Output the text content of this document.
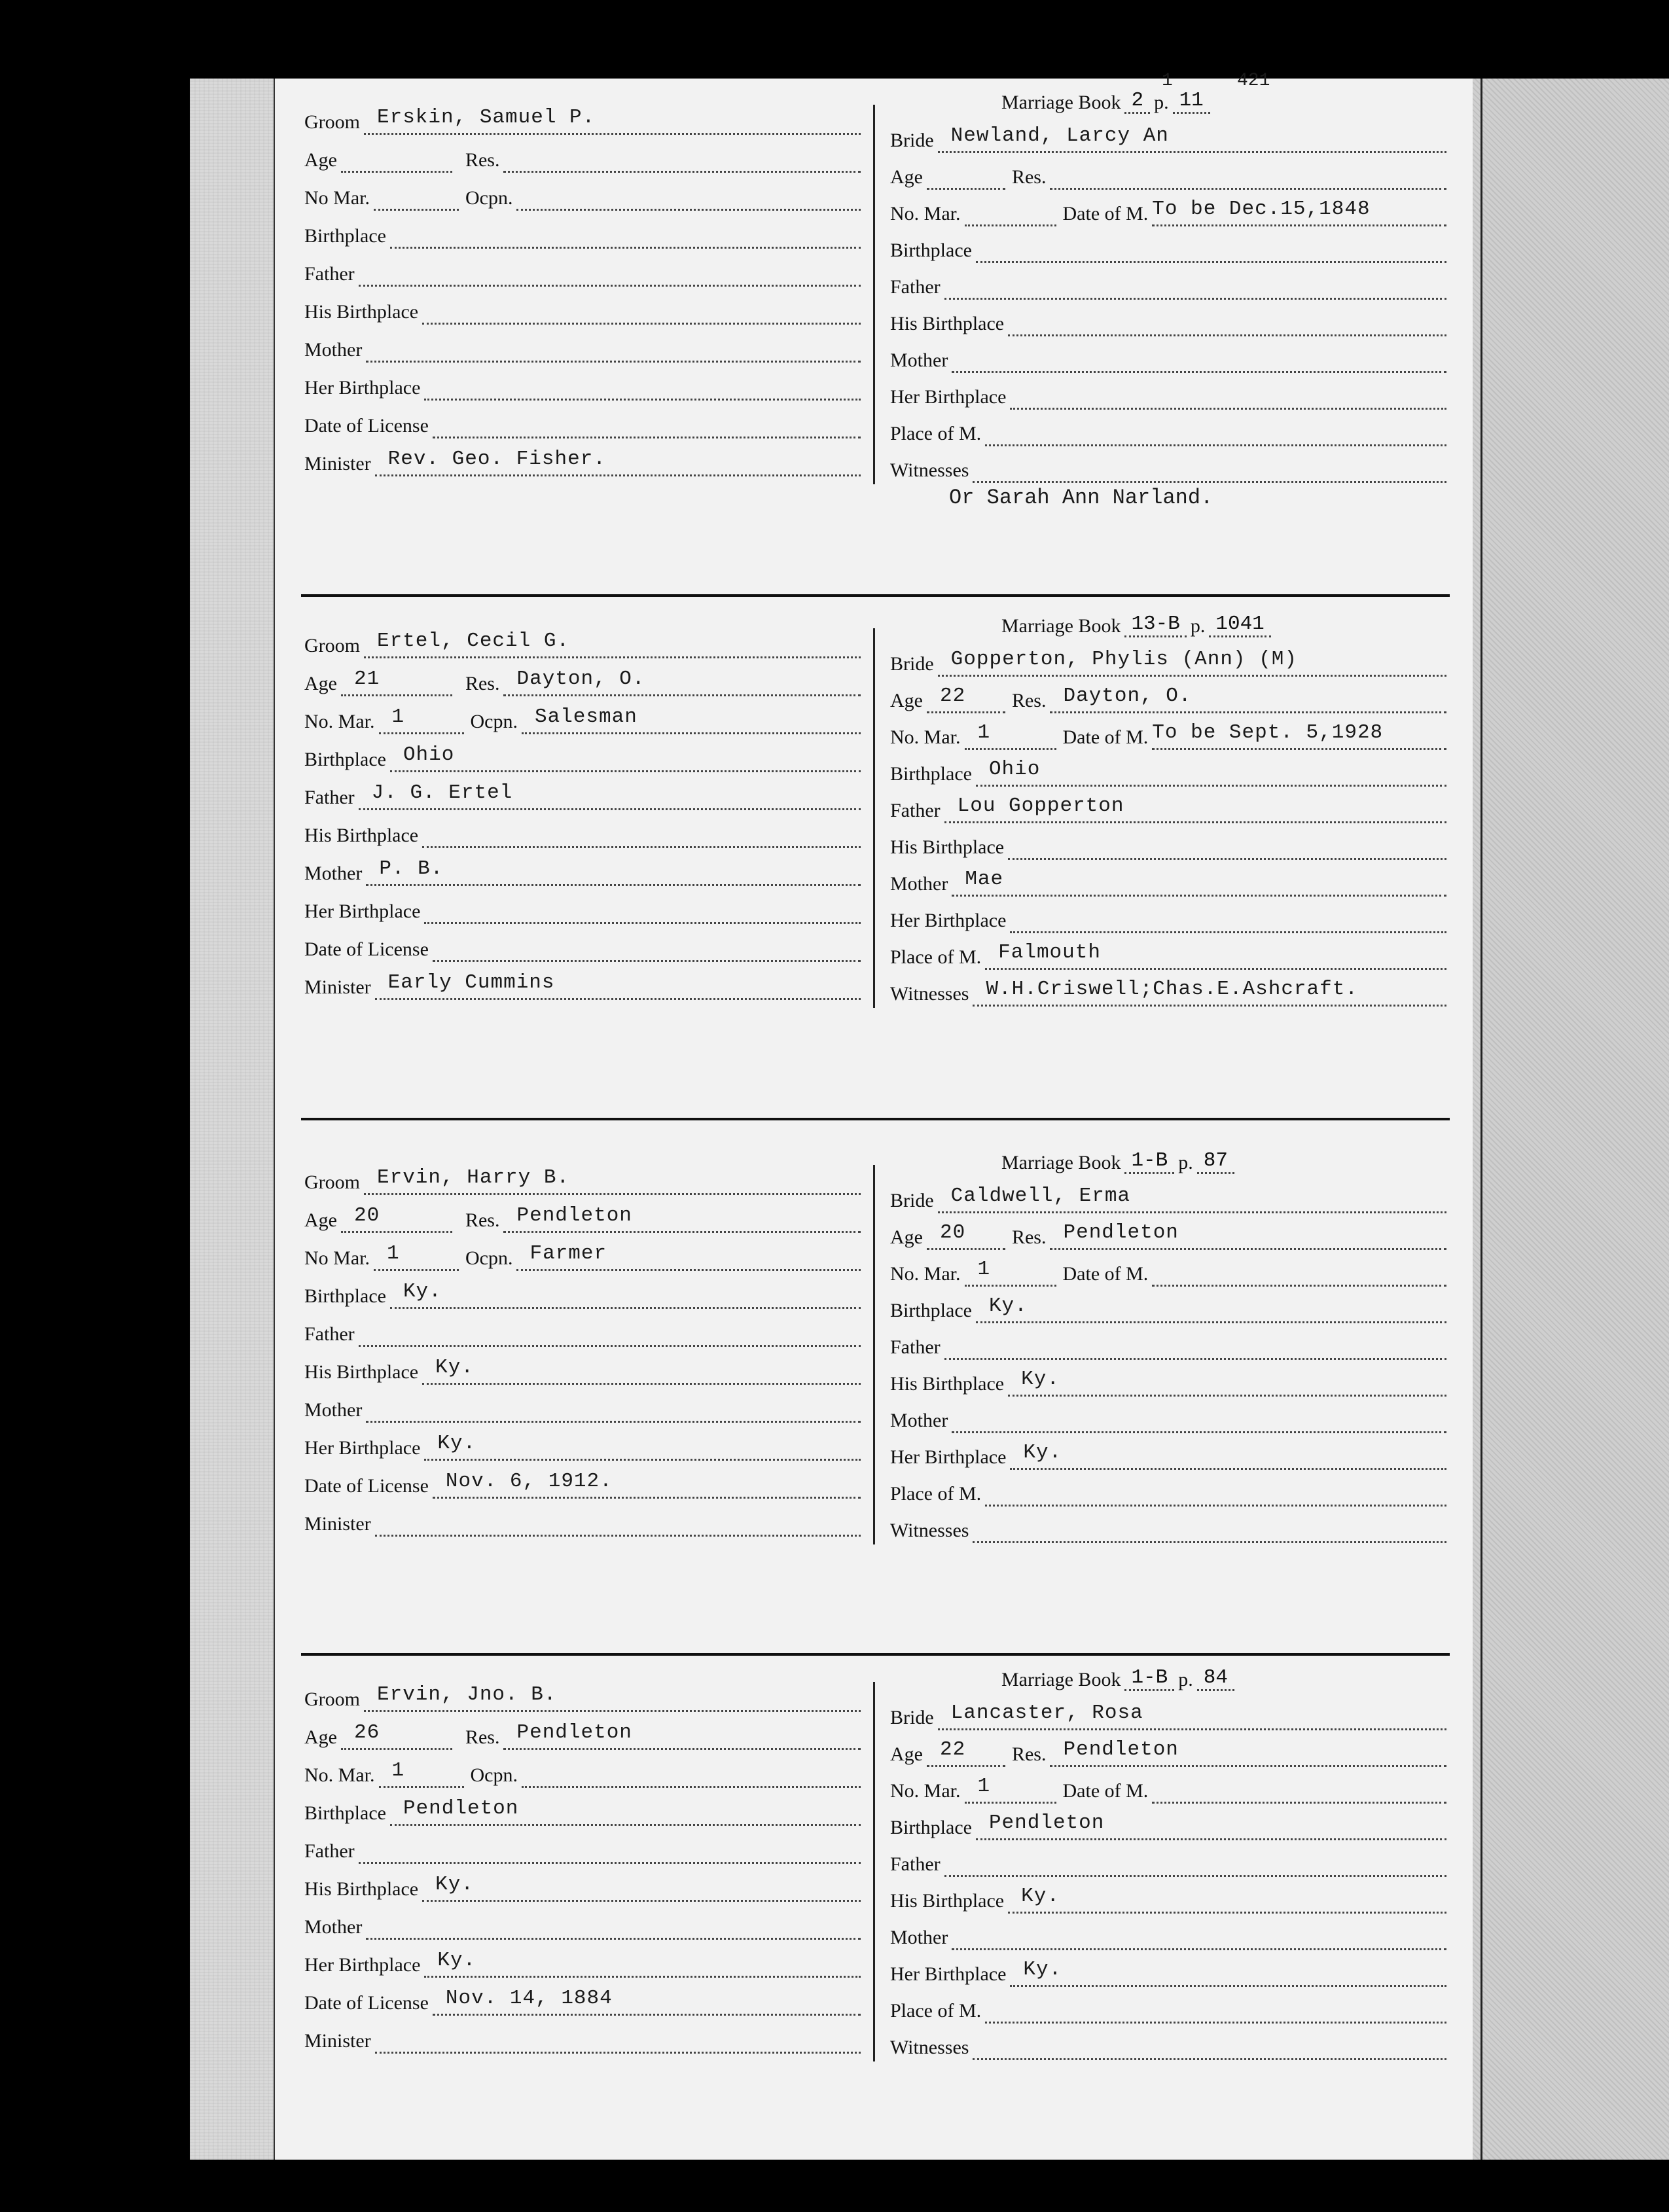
Groom Erskin, Samuel P.
Age	Res.
No Mar.	Ocpn.
Birthplace
Father
His Birthplace
Mother
Her Birthplace
Date of License
Minister Rev. Geo. Fisher.
Marriage Book 2 p. 11
1	421
Bride Newland, Larcy An
Age	Res.
No. Mar.	Date of M. To be Dec.15,1848
Birthplace
Father
His Birthplace
Mother
Her Birthplace
Place of M.
Witnesses
Or Sarah Ann Narland.
Groom Ertel, Cecil G.
Age 21	Res. Dayton, O.
No. Mar. 1	Ocpn. Salesman
Birthplace Ohio
Father J. G. Ertel
His Birthplace
Mother P. B.
Her Birthplace
Date of License
Minister Early Cummins
Marriage Book 13-B p. 1041
Bride Gopperton, Phylis (Ann) (M)
Age 22 Res. Dayton, O.
No. Mar. 1	Date of M. To be Sept. 5,1928
Birthplace Ohio
Father Lou Gopperton
His Birthplace
Mother Mae
Her Birthplace
Place of M. Falmouth
Witnesses W.H.Criswell;Chas.E.Ashcraft.
Groom Ervin, Harry B.
Age 20	Res. Pendleton
No Mar. 1	Ocpn. Farmer
Birthplace Ky.
Father
His Birthplace Ky.
Mother
Her Birthplace Ky.
Date of License Nov. 6, 1912.
Minister
Marriage Book 1-B p. 87
Bride Caldwell, Erma
Age 20 Res. Pendleton
No. Mar. 1	Date of M.
Birthplace Ky.
Father
His Birthplace Ky.
Mother
Her Birthplace Ky.
Place of M.
Witnesses
Groom Ervin, Jno. B.
Age 26	Res. Pendleton
No. Mar. 1	Ocpn.
Birthplace Pendleton
Father
His Birthplace Ky.
Mother
Her Birthplace Ky.
Date of License Nov. 14, 1884
Minister
Marriage Book 1-B p. 84
Bride Lancaster, Rosa
Age 22 Res. Pendleton
No. Mar. 1	Date of M.
Birthplace Pendleton
Father
His Birthplace Ky.
Mother
Her Birthplace Ky.
Place of M.
Witnesses
